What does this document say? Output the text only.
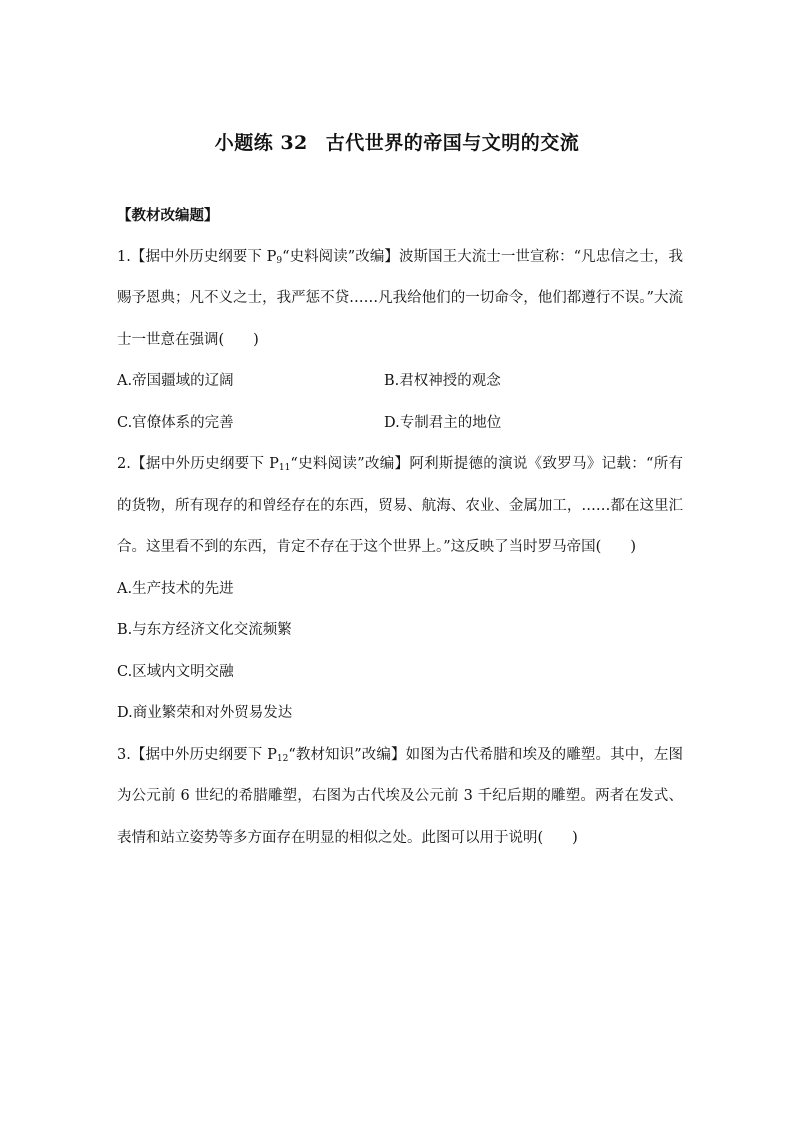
小题练 32 古代世界的帝国与文明的交流
【教材改编题】
1.【据中外历史纲要下 $P_9“$史料阅读”改编】波斯国王大流士一世宣称：“凡忠信之士，我赐予恩典；凡不义之士，我严惩不贷……凡我给他们的一切命令，他们都遵行不误。”大流士一世意在强调(　　)
A.帝国疆域的辽阔	B.君权神授的观念
C.官僚体系的完善	D.专制君主的地位
2.【据中外历史纲要下 $P_{11}“$史料阅读”改编】阿利斯提德的演说《致罗马》记载：“所有的货物，所有现存的和曾经存在的东西，贸易、航海、农业、金属加工，……都在这里汇合。这里看不到的东西，肯定不存在于这个世界上。”这反映了当时罗马帝国(　　)
A.生产技术的先进
B.与东方经济文化交流频繁
C.区域内文明交融
D.商业繁荣和对外贸易发达
3.【据中外历史纲要下 $P_{12}“$教材知识”改编】如图为古代希腊和埃及的雕塑。其中，左图为公元前 6 世纪的希腊雕塑，右图为古代埃及公元前 3 千纪后期的雕塑。两者在发式、表情和站立姿势等多方面存在明显的相似之处。此图可以用于说明(　　)
